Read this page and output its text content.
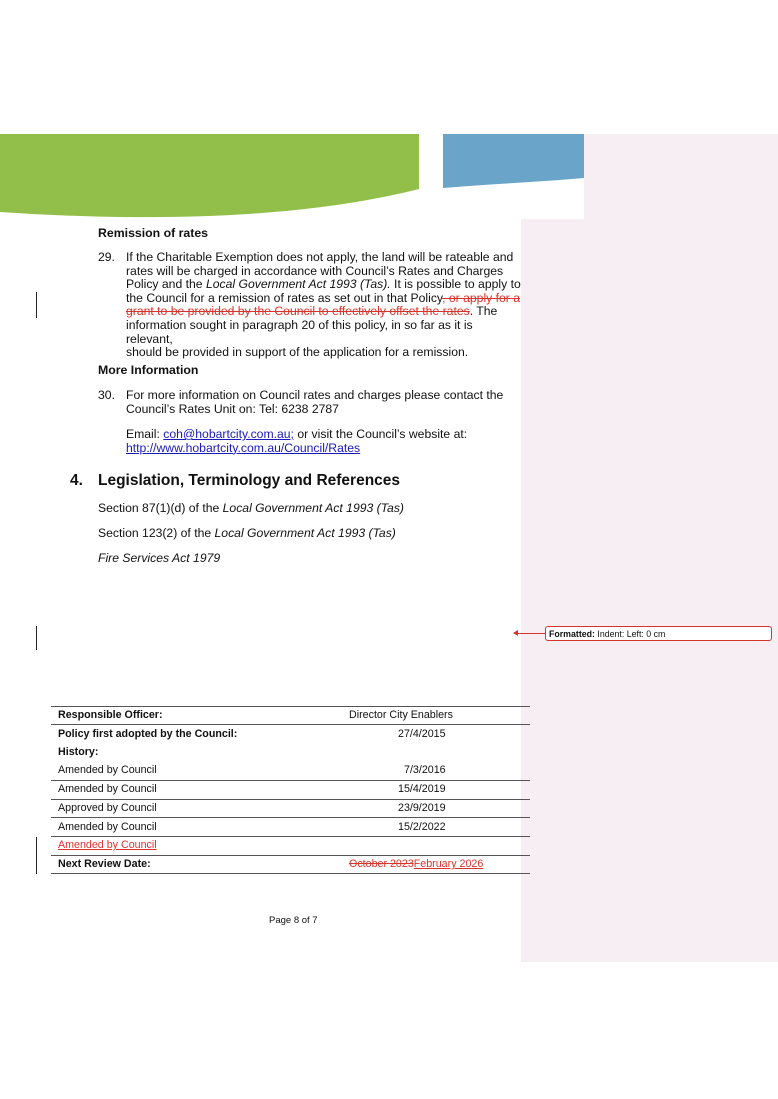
Remission of rates
29. If the Charitable Exemption does not apply, the land will be rateable and
rates will be charged in accordance with Council’s Rates and Charges
Policy and the Local Government Act 1993 (Tas). It is possible to apply to
the Council for a remission of rates as set out in that Policy, or apply for a
grant to be provided by the Council to effectively offset the rates. The
information sought in paragraph 20 of this policy, in so far as it is relevant,
should be provided in support of the application for a remission.
More Information
30. For more information on Council rates and charges please contact the
Council’s Rates Unit on: Tel: 6238 2787
Email: coh@hobartcity.com.au; or visit the Council’s website at:
http://www.hobartcity.com.au/Council/Rates
4. Legislation, Terminology and References
Section 87(1)(d) of the Local Government Act 1993 (Tas)
Section 123(2) of the Local Government Act 1993 (Tas)
Fire Services Act 1979
Formatted: Indent: Left: 0 cm
Responsible Officer:	Director City Enablers
Policy first adopted by the Council:	27/4/2015
History:
Amended by Council	7/3/2016
Amended by Council	15/4/2019
Approved by Council	23/9/2019
Amended by Council	15/2/2022
Amended by Council
Next Review Date:	October 2023February 2026
Page 8 of 7
